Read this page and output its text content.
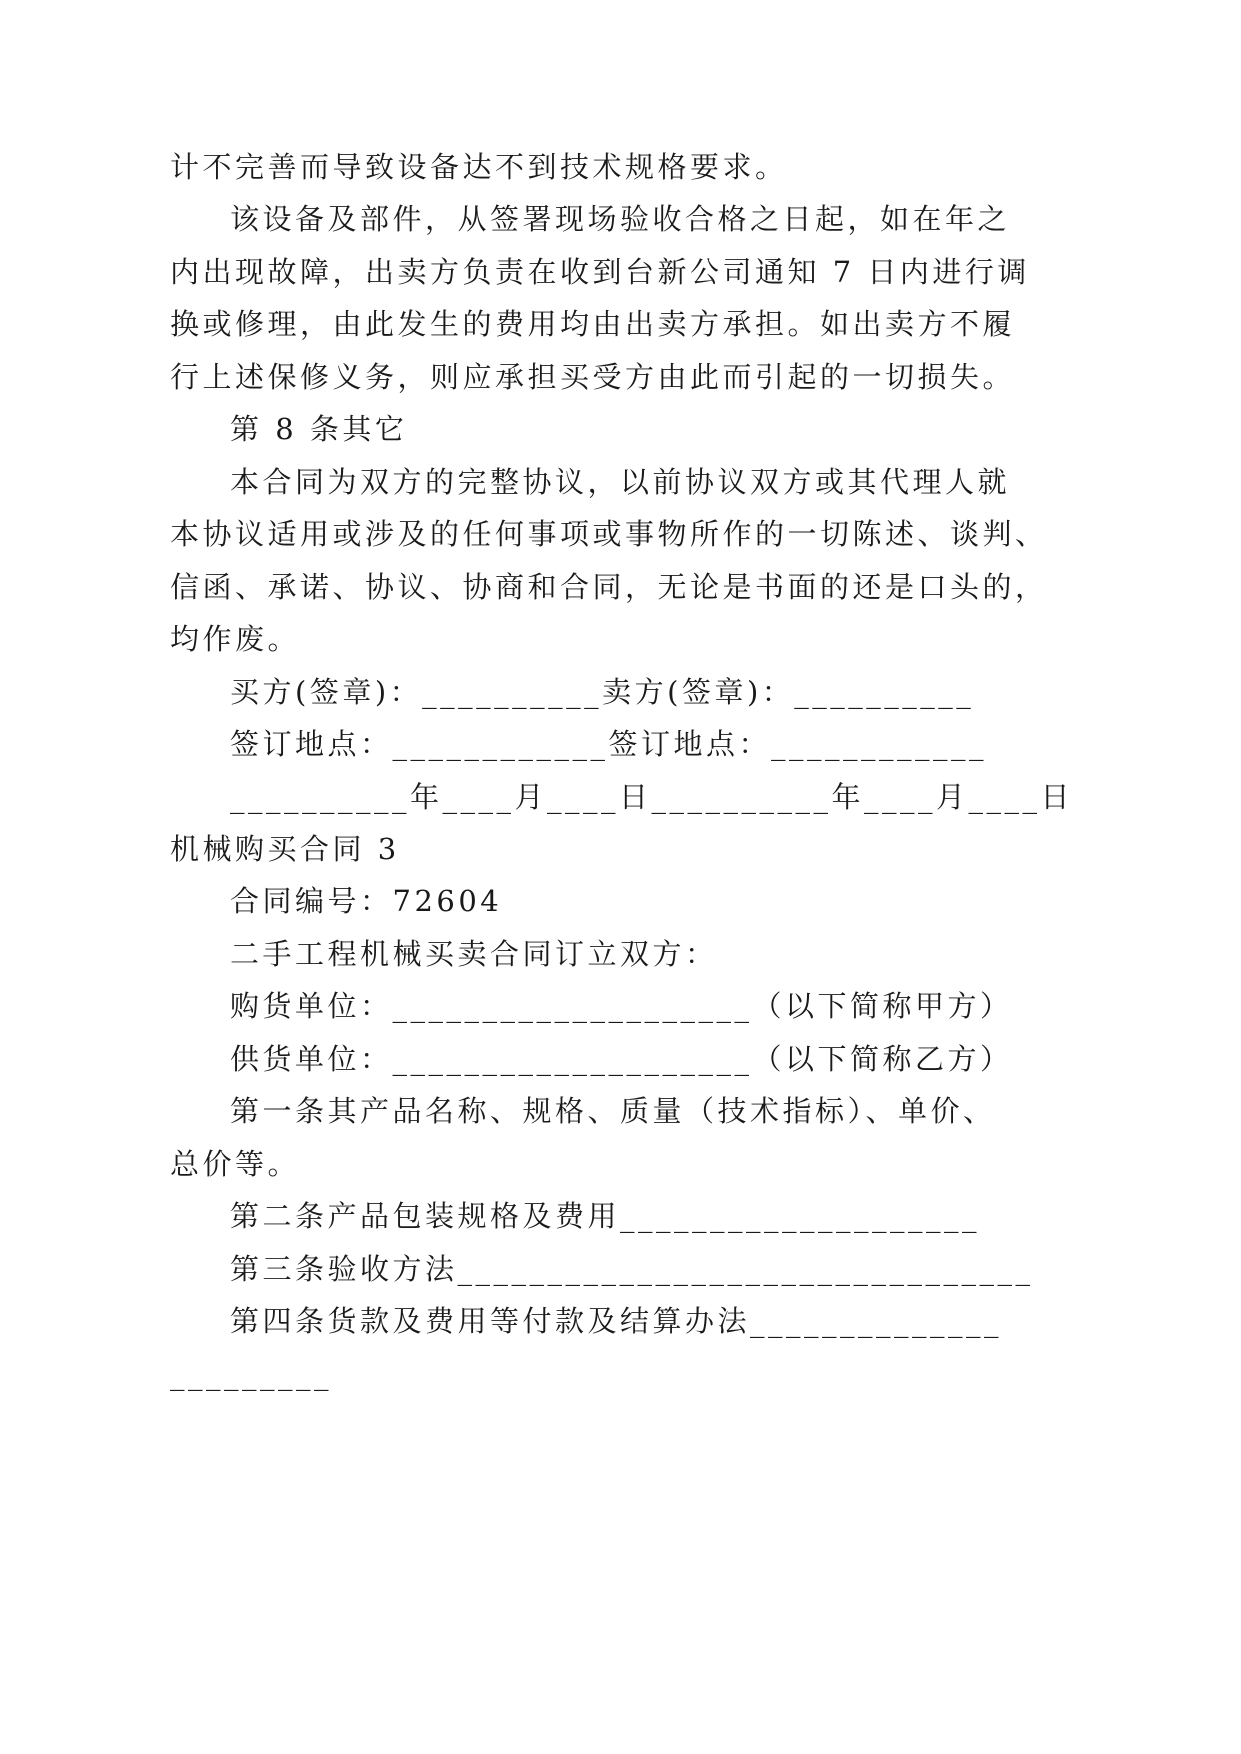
计不完善而导致设备达不到技术规格要求。
该设备及部件，从签署现场验收合格之日起，如在年之
内出现故障，出卖方负责在收到台新公司通知 7 日内进行调
换或修理，由此发生的费用均由出卖方承担。如出卖方不履
行上述保修义务，则应承担买受方由此而引起的一切损失。
第 8 条其它
本合同为双方的完整协议，以前协议双方或其代理人就
本协议适用或涉及的任何事项或事物所作的一切陈述、谈判、
信函、承诺、协议、协商和合同，无论是书面的还是口头的，
均作废。
买方(签章)：__________卖方(签章)：__________
签订地点：____________签订地点：____________
__________年____月____日__________年____月____日
机械购买合同 3
合同编号：72604
二手工程机械买卖合同订立双方：
购货单位：____________________（以下简称甲方）
供货单位：____________________（以下简称乙方）
第一条其产品名称、规格、质量（技术指标）、单价、
总价等。
第二条产品包装规格及费用____________________
第三条验收方法________________________________
第四条货款及费用等付款及结算办法______________
_________
